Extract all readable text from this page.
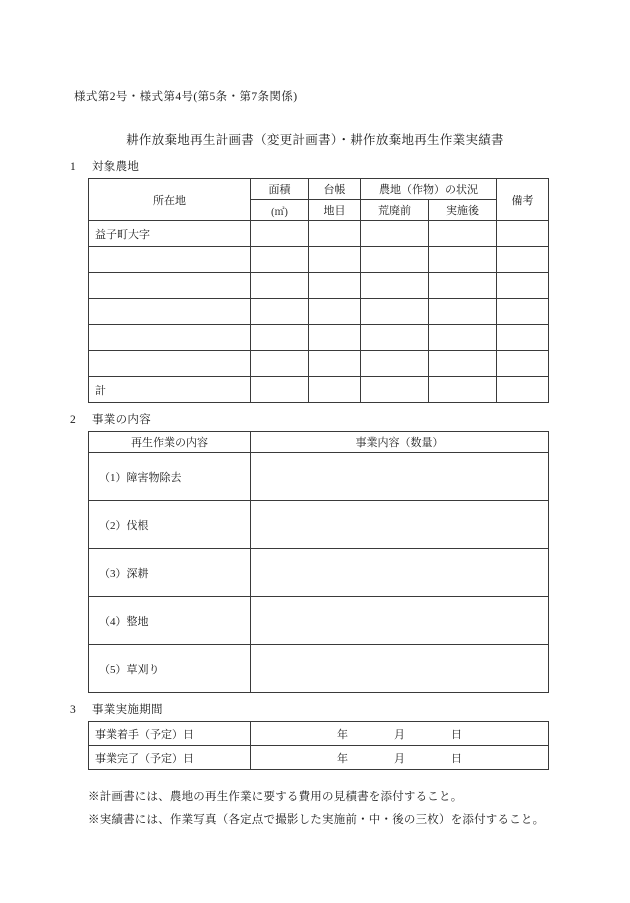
様式第2号・様式第4号(第5条・第7条関係)
耕作放棄地再生計画書（変更計画書）・耕作放棄地再生作業実績書
1 対象農地
所在地	面積	台帳	農地（作物）の状況		備考
	(㎡)	地目	荒廃前	実施後	
益子町大字					

計					
2 事業の内容
再生作業の内容	事業内容（数量）
（1）障害物除去	
（2）伐根	
（3）深耕	
（4）整地	
（5）草刈り	
3 事業実施期間
事業着手（予定）日	年 月 日
事業完了（予定）日	年 月 日

※計画書には、農地の再生作業に要する費用の見積書を添付すること。

※実績書には、作業写真（各定点で撮影した実施前・中・後の三枚）を添付すること。
